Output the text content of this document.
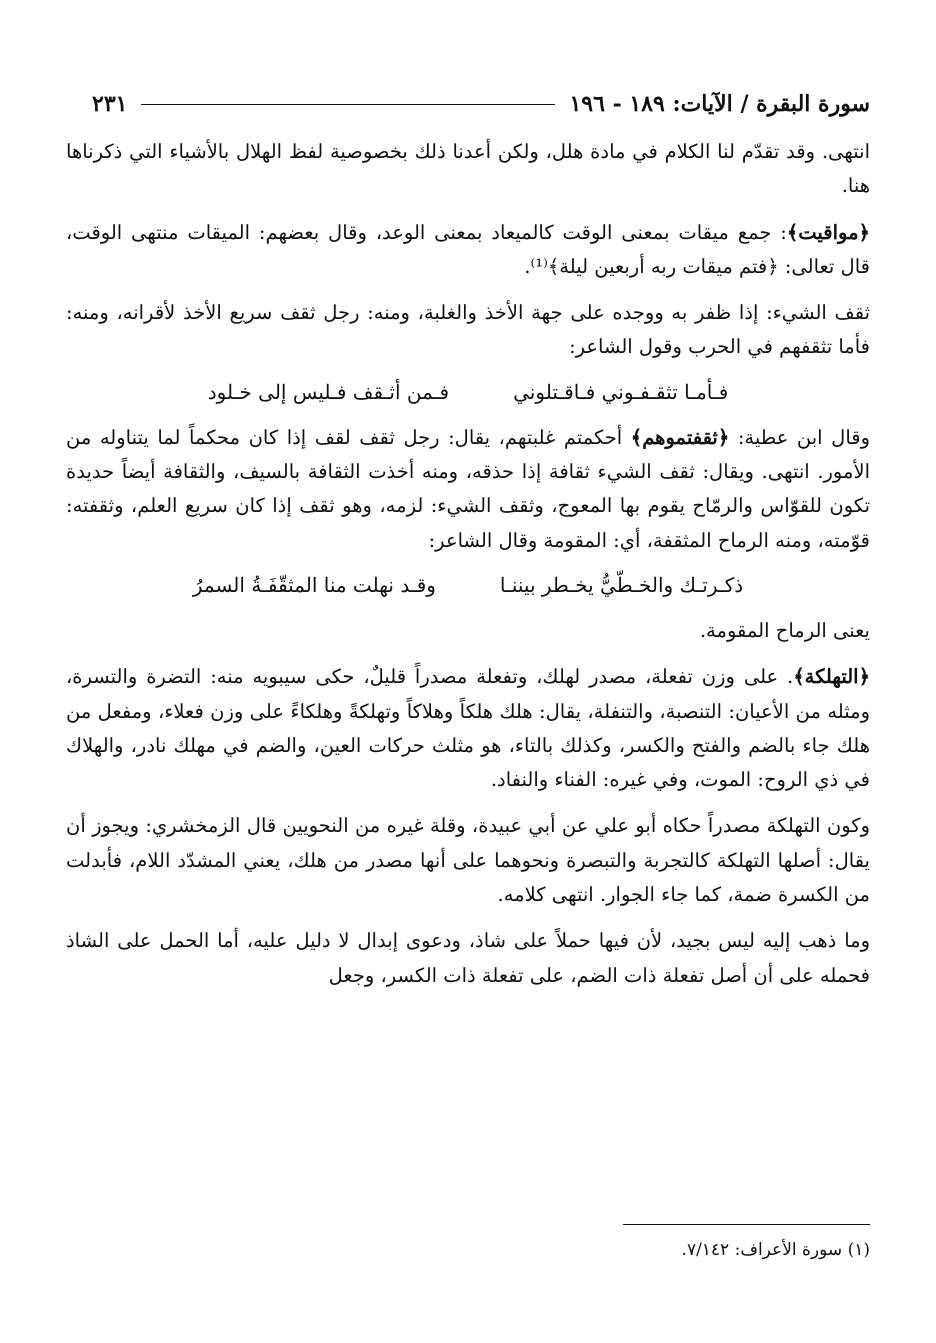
سورة البقرة / الآيات: ١٨٩ - ١٩٦
٢٣١

انتهى. وقد تقدّم لنا الكلام في مادة هلل، ولكن أعدنا ذلك بخصوصية لفظ الهلال بالأشياء التي ذكرناها هنا.

﴿مواقيت﴾: جمع ميقات بمعنى الوقت كالميعاد بمعنى الوعد، وقال بعضهم: الميقات منتهى الوقت، قال تعالى: ﴿فتم ميقات ربه أربعين ليلة﴾⁽¹⁾.

ثقف الشيء: إذا ظفر به ووجده على جهة الأخذ والغلبة، ومنه: رجل ثقف سريع الأخذ لأقرانه، ومنه: فأما تثقفهم في الحرب وقول الشاعر:

فـأمـا تثقـفـوني فـاقـتلوني
فـمن أثـقف فـليس إلى خـلود

وقال ابن عطية: ﴿ثقفتموهم﴾ أحكمتم غلبتهم، يقال: رجل ثقف لقف إذا كان محكماً لما يتناوله من الأمور. انتهى. ويقال: ثقف الشيء ثقافة إذا حذقه، ومنه أخذت الثقافة بالسيف، والثقافة أيضاً حديدة تكون للقوّاس والرمّاح يقوم بها المعوج، وثقف الشيء: لزمه، وهو ثقف إذا كان سريع العلم، وثقفته: قوّمته، ومنه الرماح المثقفة، أي: المقومة وقال الشاعر:

ذكـرتـك والخـطّيُّ يخـطر بيننـا
وقـد نهلت منا المثقّفَـةُ السمرُ

يعنى الرماح المقومة.

﴿التهلكة﴾. على وزن تفعلة، مصدر لهلك، وتفعلة مصدراً قليلٌ، حكى سيبويه منه: التضرة والتسرة، ومثله من الأعيان: التنصبة، والتنفلة، يقال: هلك هلكاً وهلاكاً وتهلكةً وهلكاءً على وزن فعلاء، ومفعل من هلك جاء بالضم والفتح والكسر، وكذلك بالتاء، هو مثلث حركات العين، والضم في مهلك نادر، والهلاك في ذي الروح: الموت، وفي غيره: الفناء والنفاد.

وكون التهلكة مصدراً حكاه أبو علي عن أبي عبيدة، وقلة غيره من النحويين قال الزمخشري: ويجوز أن يقال: أصلها التهلكة كالتجربة والتبصرة ونحوهما على أنها مصدر من هلك، يعني المشدّد اللام، فأبدلت من الكسرة ضمة، كما جاء الجوار. انتهى كلامه.

وما ذهب إليه ليس بجيد، لأن فيها حملاً على شاذ، ودعوى إبدال لا دليل عليه، أما الحمل على الشاذ فحمله على أن أصل تفعلة ذات الضم، على تفعلة ذات الكسر، وجعل

(١) سورة الأعراف: ٧/١٤٢.
